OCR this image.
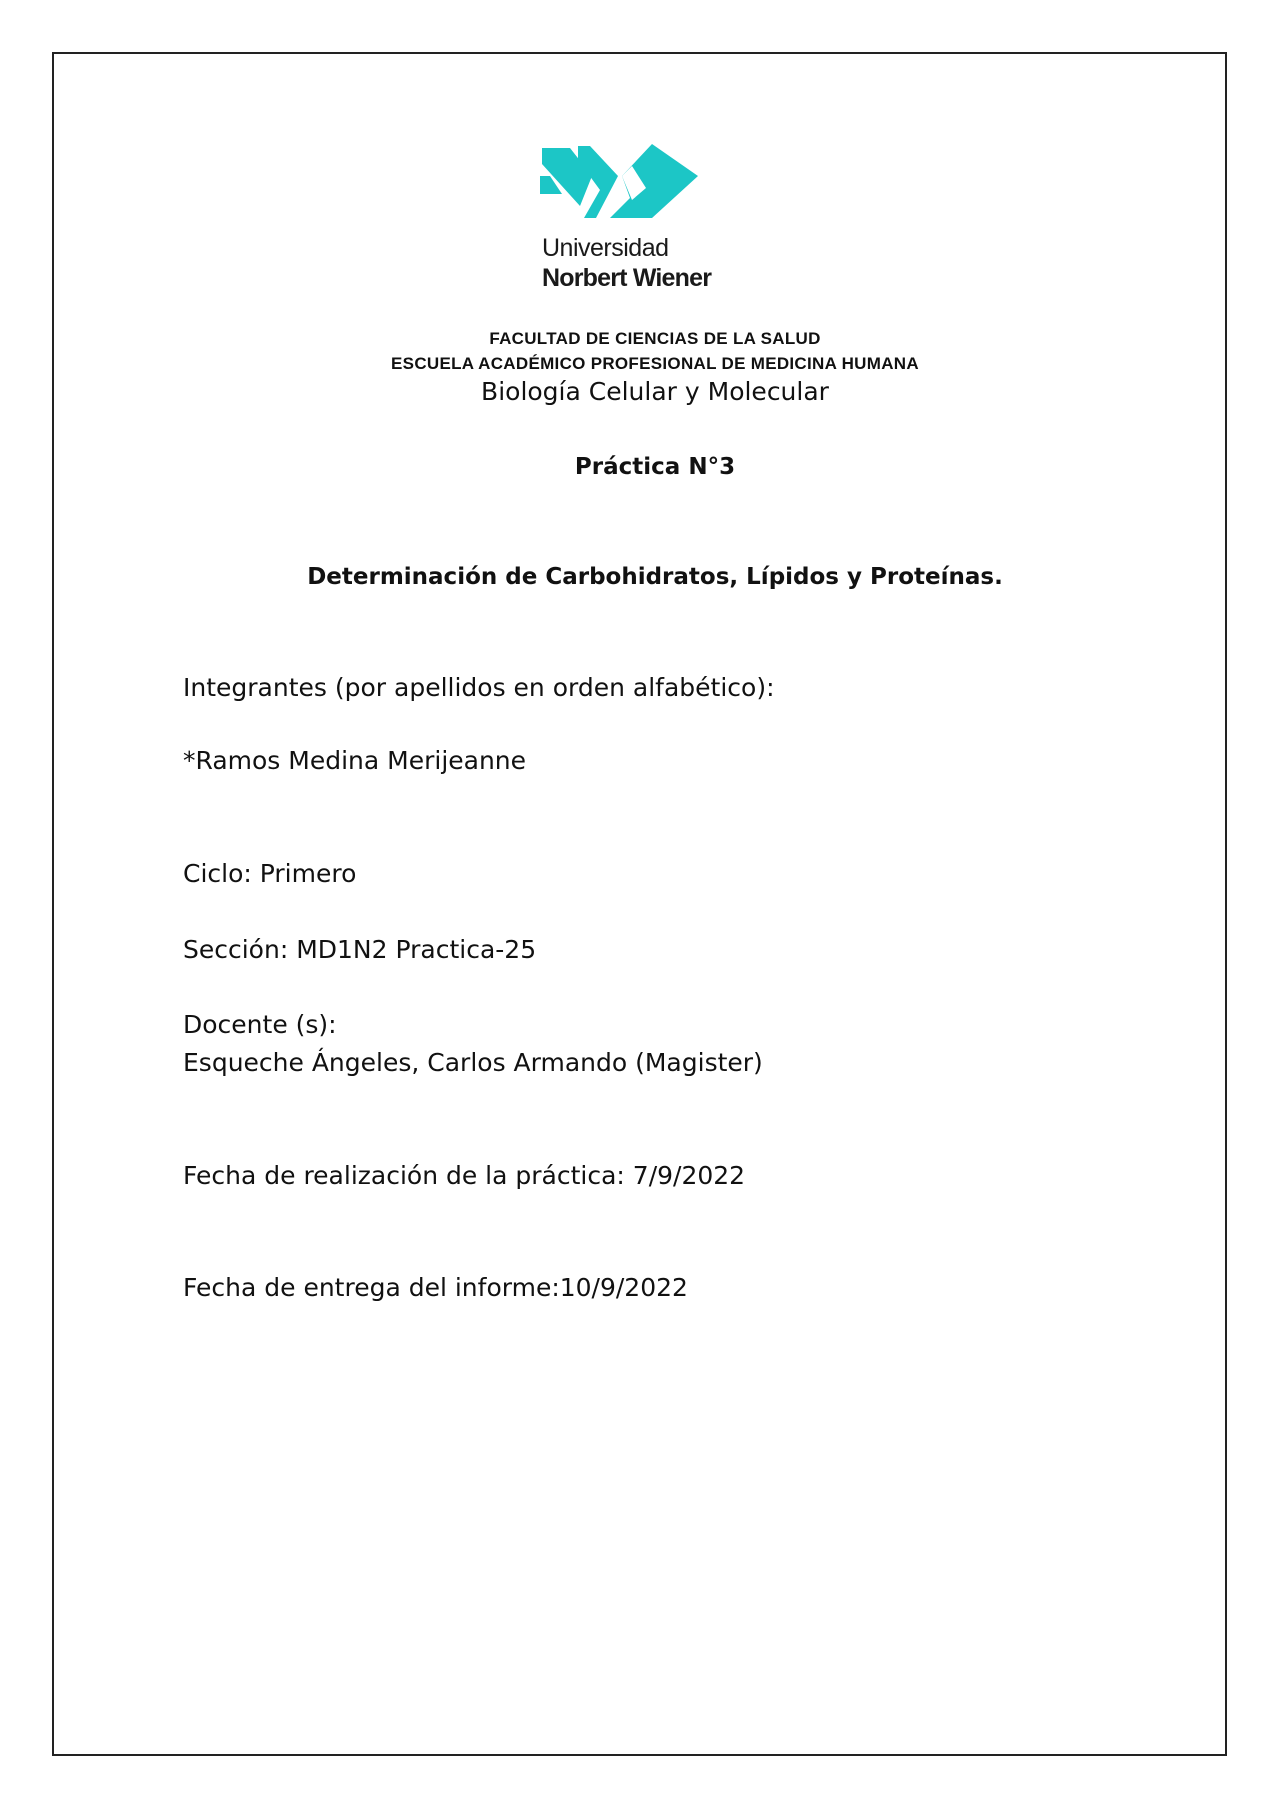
Universidad
Norbert Wiener
FACULTAD DE CIENCIAS DE LA SALUD
ESCUELA ACADÉMICO PROFESIONAL DE MEDICINA HUMANA
Biología Celular y Molecular
Práctica N°3
Determinación de Carbohidratos, Lípidos y Proteínas.
Integrantes (por apellidos en orden alfabético):
*Ramos Medina Merijeanne
Ciclo: Primero
Sección: MD1N2 Practica-25
Docente (s):
Esqueche Ángeles, Carlos Armando (Magister)
Fecha de realización de la práctica: 7/9/2022
Fecha de entrega del informe:10/9/2022
